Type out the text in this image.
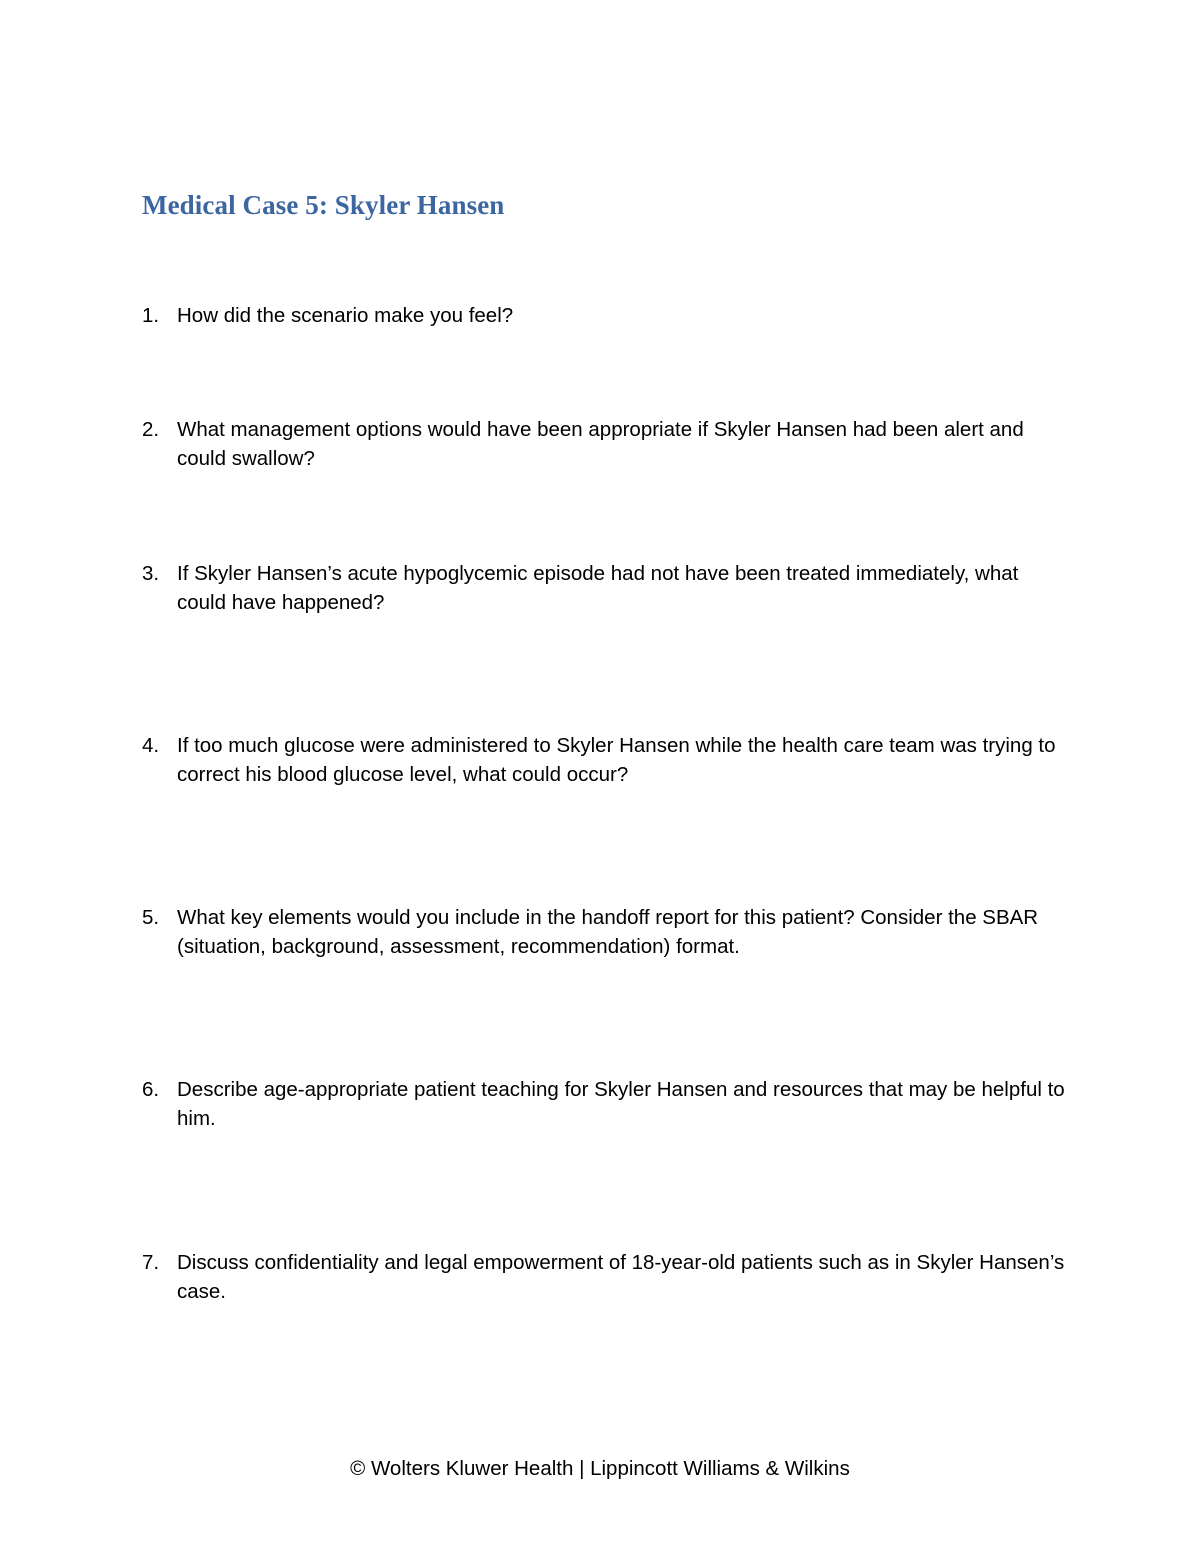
Medical Case 5: Skyler Hansen
1. How did the scenario make you feel?
2. What management options would have been appropriate if Skyler Hansen had been alert and could swallow?
3. If Skyler Hansen’s acute hypoglycemic episode had not have been treated immediately, what could have happened?
4. If too much glucose were administered to Skyler Hansen while the health care team was trying to correct his blood glucose level, what could occur?
5. What key elements would you include in the handoff report for this patient? Consider the SBAR (situation, background, assessment, recommendation) format.
6. Describe age-appropriate patient teaching for Skyler Hansen and resources that may be helpful to him.
7. Discuss confidentiality and legal empowerment of 18-year-old patients such as in Skyler Hansen’s case.
© Wolters Kluwer Health | Lippincott Williams & Wilkins
